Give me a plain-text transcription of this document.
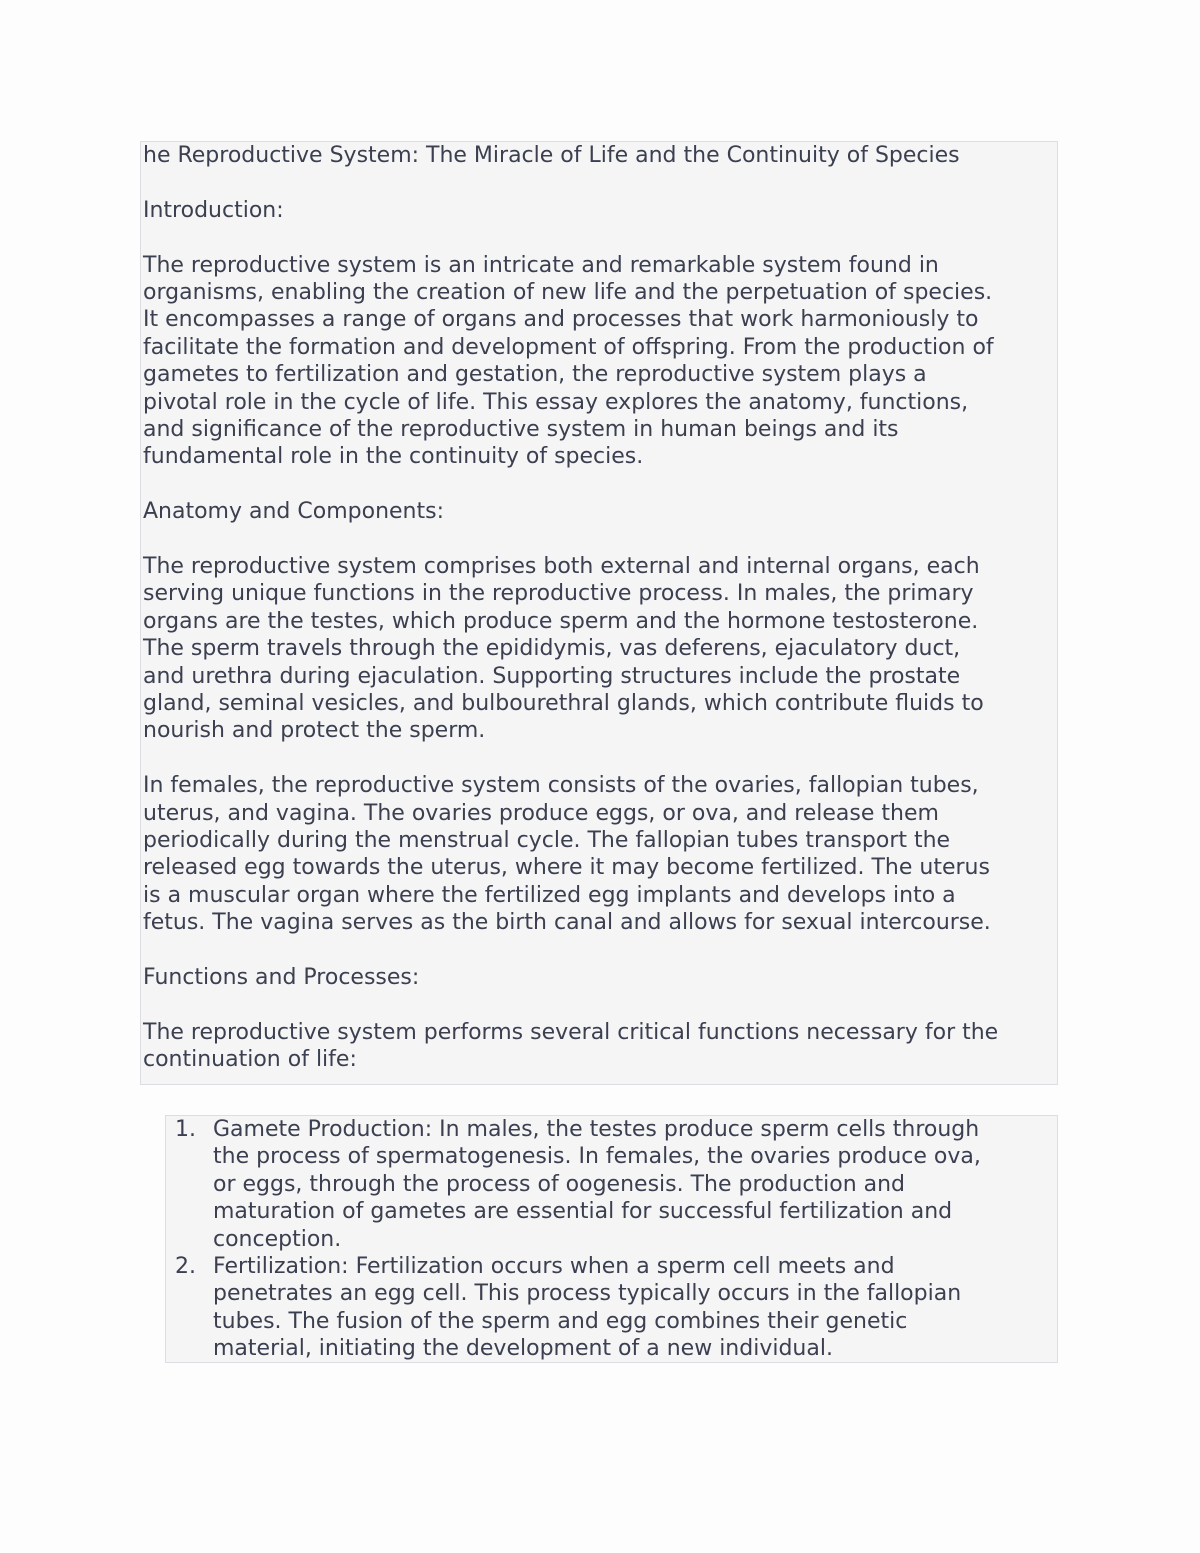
he Reproductive System: The Miracle of Life and the Continuity of Species

Introduction:

The reproductive system is an intricate and remarkable system found in

organisms, enabling the creation of new life and the perpetuation of species.

It encompasses a range of organs and processes that work harmoniously to

facilitate the formation and development of offspring. From the production of

gametes to fertilization and gestation, the reproductive system plays a

pivotal role in the cycle of life. This essay explores the anatomy, functions,

and significance of the reproductive system in human beings and its

fundamental role in the continuity of species.

Anatomy and Components:

The reproductive system comprises both external and internal organs, each

serving unique functions in the reproductive process. In males, the primary

organs are the testes, which produce sperm and the hormone testosterone.

The sperm travels through the epididymis, vas deferens, ejaculatory duct,

and urethra during ejaculation. Supporting structures include the prostate

gland, seminal vesicles, and bulbourethral glands, which contribute fluids to

nourish and protect the sperm.

In females, the reproductive system consists of the ovaries, fallopian tubes,

uterus, and vagina. The ovaries produce eggs, or ova, and release them

periodically during the menstrual cycle. The fallopian tubes transport the

released egg towards the uterus, where it may become fertilized. The uterus

is a muscular organ where the fertilized egg implants and develops into a

fetus. The vagina serves as the birth canal and allows for sexual intercourse.

Functions and Processes:

The reproductive system performs several critical functions necessary for the

continuation of life:

1. Gamete Production: In males, the testes produce sperm cells through
the process of spermatogenesis. In females, the ovaries produce ova,
or eggs, through the process of oogenesis. The production and
maturation of gametes are essential for successful fertilization and
conception.
2. Fertilization: Fertilization occurs when a sperm cell meets and
penetrates an egg cell. This process typically occurs in the fallopian
tubes. The fusion of the sperm and egg combines their genetic
material, initiating the development of a new individual.
